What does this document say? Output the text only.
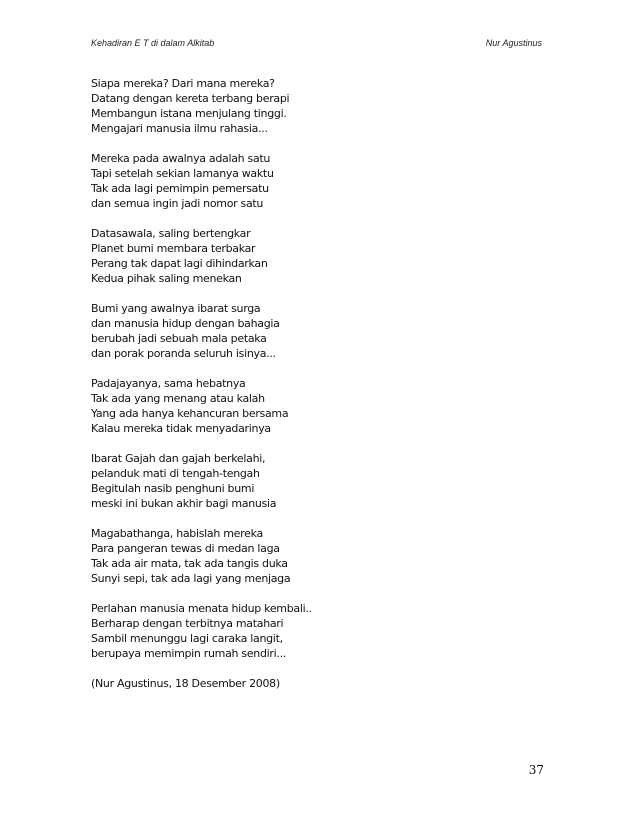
Kehadiran E T di dalam Alkitab	Nur Agustinus
Siapa mereka? Dari mana mereka?
Datang dengan kereta terbang berapi
Membangun istana menjulang tinggi.
Mengajari manusia ilmu rahasia...
Mereka pada awalnya adalah satu
Tapi setelah sekian lamanya waktu
Tak ada lagi pemimpin pemersatu
dan semua ingin jadi nomor satu
Datasawala, saling bertengkar
Planet bumi membara terbakar
Perang tak dapat lagi dihindarkan
Kedua pihak saling menekan
Bumi yang awalnya ibarat surga
dan manusia hidup dengan bahagia
berubah jadi sebuah mala petaka
dan porak poranda seluruh isinya...
Padajayanya, sama hebatnya
Tak ada yang menang atau kalah
Yang ada hanya kehancuran bersama
Kalau mereka tidak menyadarinya
Ibarat Gajah dan gajah berkelahi,
pelanduk mati di tengah-tengah
Begitulah nasib penghuni bumi
meski ini bukan akhir bagi manusia
Magabathanga, habislah mereka
Para pangeran tewas di medan laga
Tak ada air mata, tak ada tangis duka
Sunyi sepi, tak ada lagi yang menjaga
Perlahan manusia menata hidup kembali..
Berharap dengan terbitnya matahari
Sambil menunggu lagi caraka langit,
berupaya memimpin rumah sendiri...
(Nur Agustinus, 18 Desember 2008)
37
